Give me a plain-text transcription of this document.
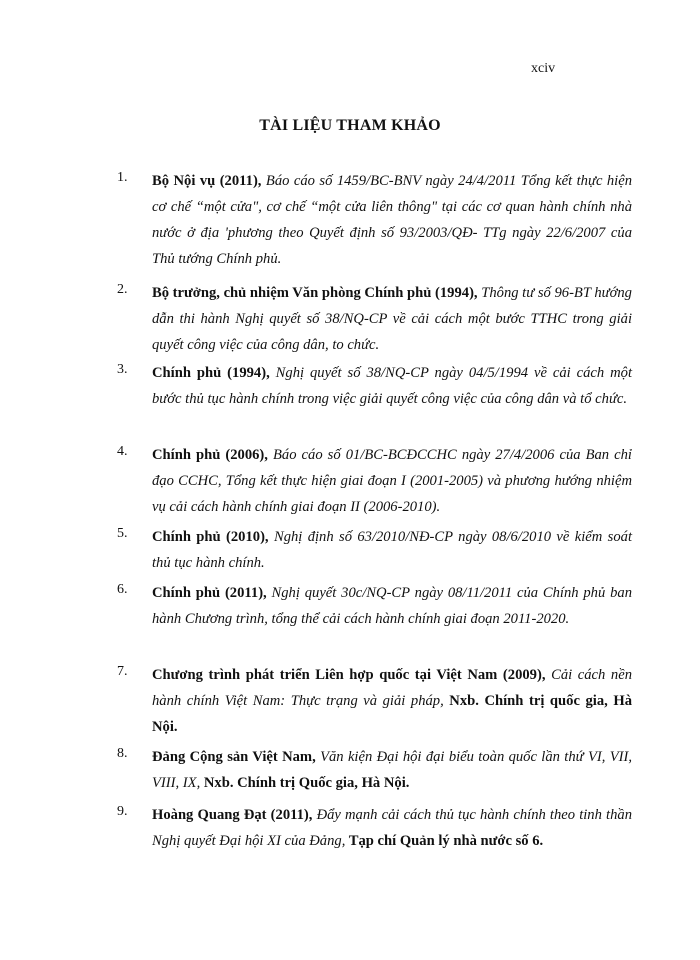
xciv
TÀI LIỆU THAM KHẢO
1. Bộ Nội vụ (2011), Báo cáo số 1459/BC-BNV ngày 24/4/2011 Tổng kết thực hiện cơ chế “một cửa", cơ chế “một cửa liên thông" tại các cơ quan hành chính nhà nước ở địa 'phương theo Quyết định số 93/2003/QĐ- TTg ngày 22/6/2007 của Thủ tướng Chính phủ.
2. Bộ trưởng, chủ nhiệm Văn phòng Chính phủ (1994), Thông tư số 96-BT hướng dẫn thi hành Nghị quyết số 38/NQ-CP về cải cách một bước TTHC trong giải quyết công việc của công dân, to chức.
3. Chính phủ (1994), Nghị quyết số 38/NQ-CP ngày 04/5/1994 về cải cách một bước thủ tục hành chính trong việc giải quyết công việc của công dân và tổ chức.
4. Chính phủ (2006), Báo cáo số 01/BC-BCĐCCHC ngày 27/4/2006 của Ban chỉ đạo CCHC, Tổng kết thực hiện giai đoạn I (2001-2005) và phương hướng nhiệm vụ cải cách hành chính giai đoạn II (2006-2010).
5. Chính phủ (2010), Nghị định số 63/2010/NĐ-CP ngày 08/6/2010 về kiểm soát thủ tục hành chính.
6. Chính phủ (2011), Nghị quyết 30c/NQ-CP ngày 08/11/2011 của Chính phủ ban hành Chương trình, tổng thể cải cách hành chính giai đoạn 2011-2020.
7. Chương trình phát triển Liên hợp quốc tại Việt Nam (2009), Cải cách nền hành chính Việt Nam: Thực trạng và giải pháp, Nxb. Chính trị quốc gia, Hà Nội.
8. Đảng Cộng sản Việt Nam, Văn kiện Đại hội đại biểu toàn quốc lần thứ VI, VII, VIII, IX, Nxb. Chính trị Quốc gia, Hà Nội.
9. Hoàng Quang Đạt (2011), Đẩy mạnh cải cách thủ tục hành chính theo tinh thần Nghị quyết Đại hội XI của Đảng, Tạp chí Quản lý nhà nước số 6.
